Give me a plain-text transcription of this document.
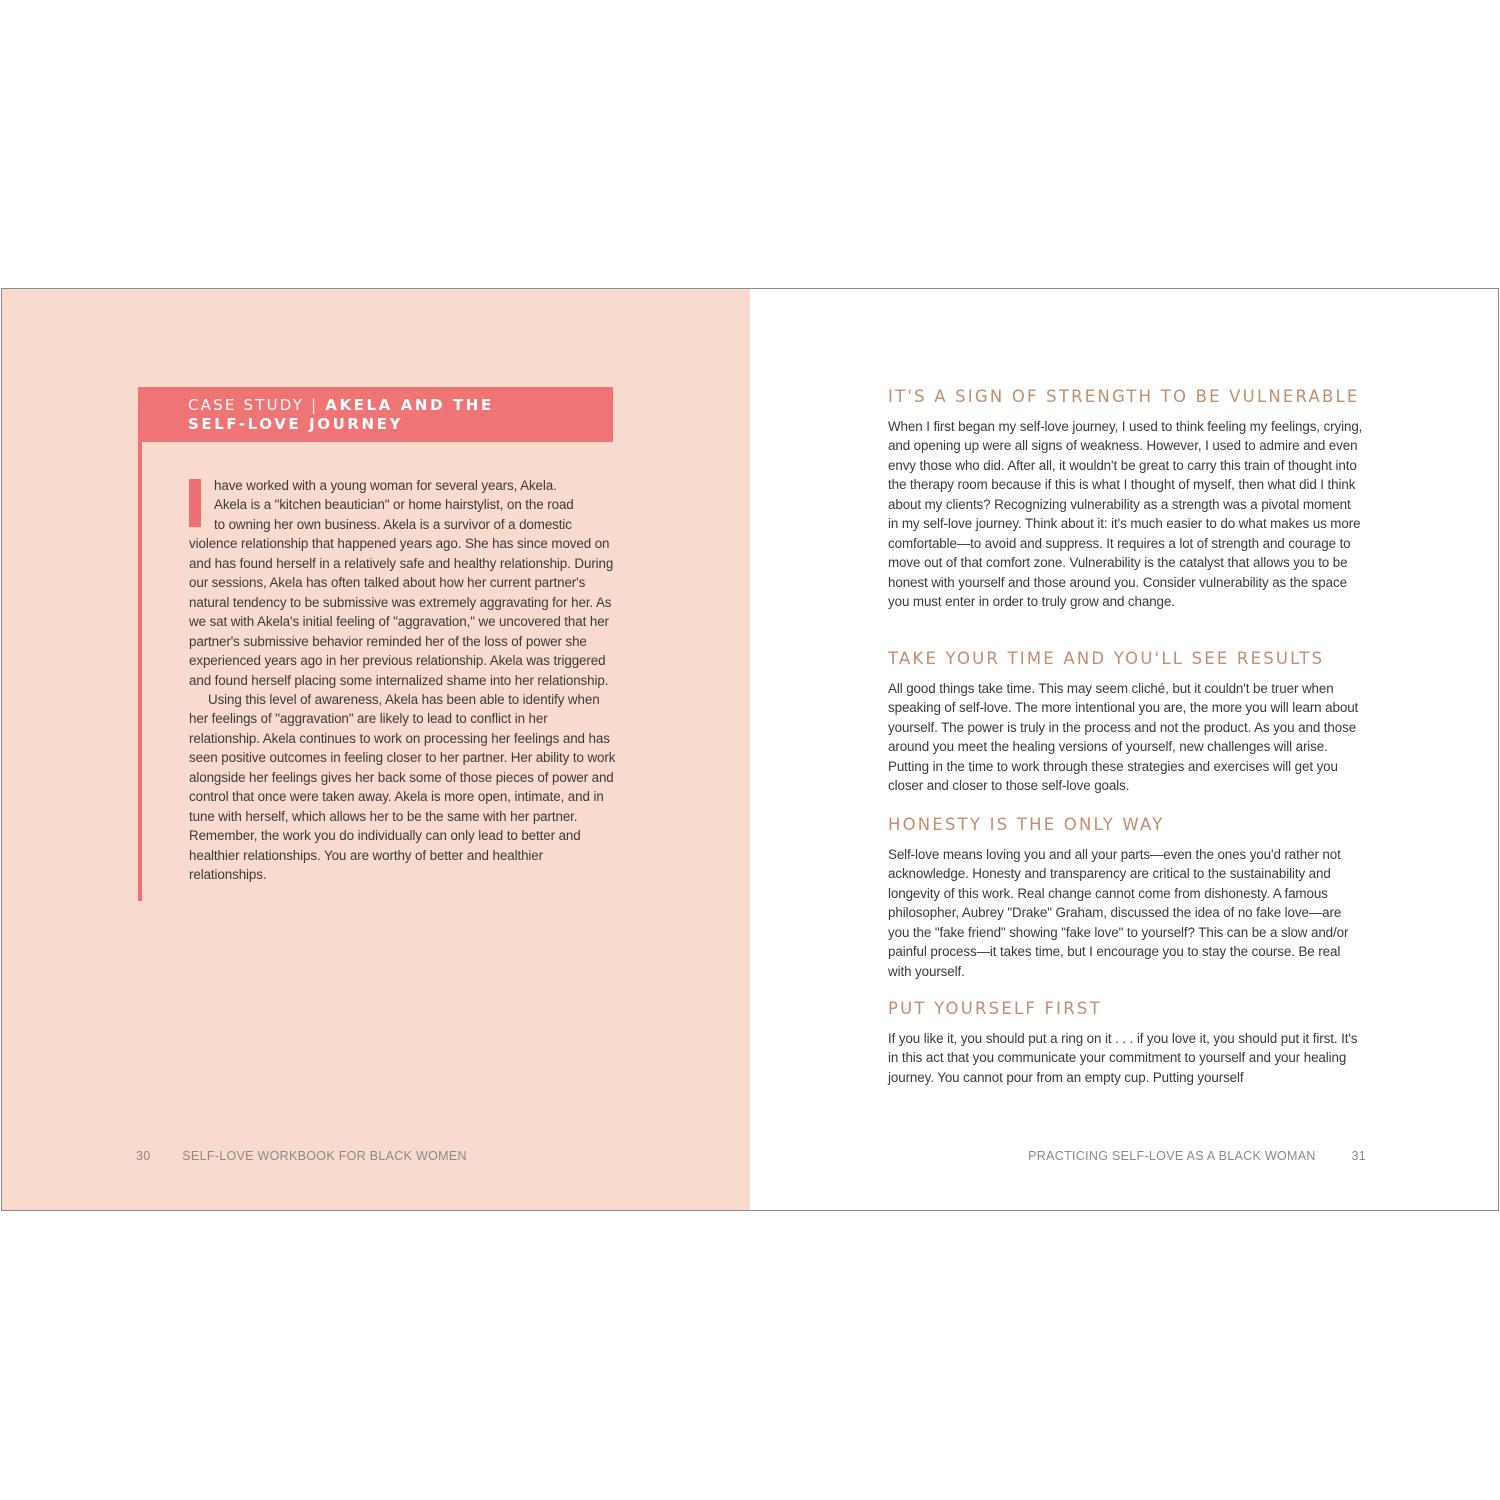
CASE STUDY | AKELA AND THE
SELF-LOVE JOURNEY

have worked with a young woman for several years, Akela.
Akela is a "kitchen beautician" or home hairstylist, on the road
to owning her own business. Akela is a survivor of a domestic
violence relationship that happened years ago. She has since moved on and has found herself in a relatively safe and healthy relationship. During our sessions, Akela has often talked about how her current partner's natural tendency to be submissive was extremely aggravating for her. As we sat with Akela's initial feeling of "aggravation," we uncovered that her partner's submissive behavior reminded her of the loss of power she experienced years ago in her previous relationship. Akela was triggered and found herself placing some internalized shame into her relationship.

Using this level of awareness, Akela has been able to identify when her feelings of "aggravation" are likely to lead to conflict in her relationship. Akela continues to work on processing her feelings and has seen positive outcomes in feeling closer to her partner. Her ability to work alongside her feelings gives her back some of those pieces of power and control that once were taken away. Akela is more open, intimate, and in tune with herself, which allows her to be the same with her partner. Remember, the work you do individually can only lead to better and healthier relationships. You are worthy of better and healthier relationships.

30	SELF-LOVE WORKBOOK FOR BLACK WOMEN
IT'S A SIGN OF STRENGTH TO BE VULNERABLE

When I first began my self-love journey, I used to think feeling my feelings, crying, and opening up were all signs of weakness. However, I used to admire and even envy those who did. After all, it wouldn't be great to carry this train of thought into the therapy room because if this is what I thought of myself, then what did I think about my clients? Recognizing vulnerability as a strength was a pivotal moment in my self-love journey. Think about it: it's much easier to do what makes us more comfortable—to avoid and suppress. It requires a lot of strength and courage to move out of that comfort zone. Vulnerability is the catalyst that allows you to be honest with yourself and those around you. Consider vulnerability as the space you must enter in order to truly grow and change.

TAKE YOUR TIME AND YOU'LL SEE RESULTS

All good things take time. This may seem cliché, but it couldn't be truer when speaking of self-love. The more intentional you are, the more you will learn about yourself. The power is truly in the process and not the product. As you and those around you meet the healing versions of yourself, new challenges will arise. Putting in the time to work through these strategies and exercises will get you closer and closer to those self-love goals.

HONESTY IS THE ONLY WAY

Self-love means loving you and all your parts—even the ones you'd rather not acknowledge. Honesty and transparency are critical to the sustainability and longevity of this work. Real change cannot come from dishonesty. A famous philosopher, Aubrey "Drake" Graham, discussed the idea of no fake love—are you the "fake friend" showing "fake love" to yourself? This can be a slow and/or painful process—it takes time, but I encourage you to stay the course. Be real with yourself.

PUT YOURSELF FIRST

If you like it, you should put a ring on it . . . if you love it, you should put it first. It's in this act that you communicate your commitment to yourself and your healing journey. You cannot pour from an empty cup. Putting yourself

PRACTICING SELF-LOVE AS A BLACK WOMAN	31
